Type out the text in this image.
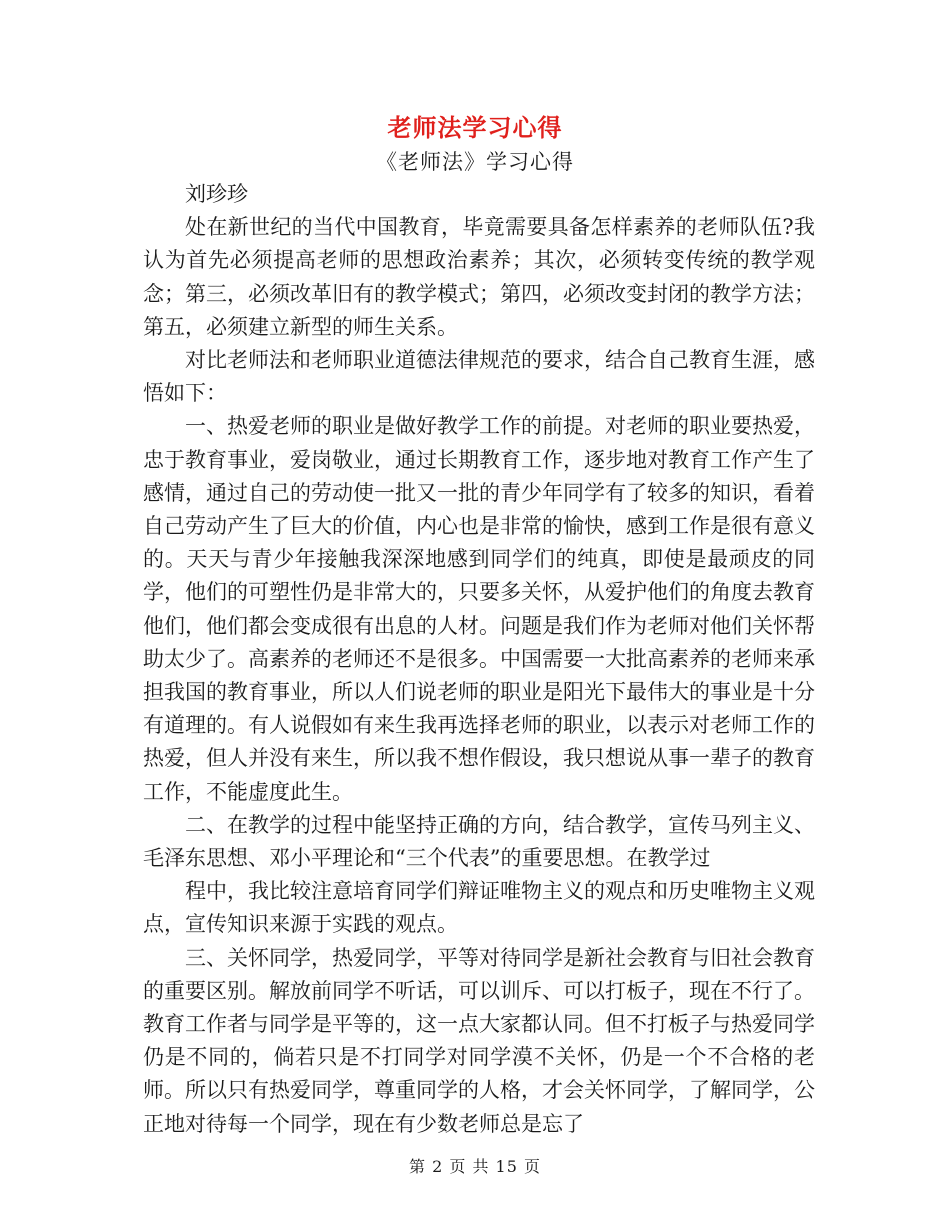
老师法学习心得
《老师法》学习心得

刘珍珍

处在新世纪的当代中国教育，毕竟需要具备怎样素养的老师队伍?我认为首先必须提高老师的思想政治素养；其次，必须转变传统的教学观念；第三，必须改革旧有的教学模式；第四，必须改变封闭的教学方法；第五，必须建立新型的师生关系。

对比老师法和老师职业道德法律规范的要求，结合自己教育生涯，感悟如下：

一、热爱老师的职业是做好教学工作的前提。对老师的职业要热爱，忠于教育事业，爱岗敬业，通过长期教育工作，逐步地对教育工作产生了感情，通过自己的劳动使一批又一批的青少年同学有了较多的知识，看着自己劳动产生了巨大的价值，内心也是非常的愉快，感到工作是很有意义的。天天与青少年接触我深深地感到同学们的纯真，即使是最顽皮的同学，他们的可塑性仍是非常大的，只要多关怀，从爱护他们的角度去教育他们，他们都会变成很有出息的人材。问题是我们作为老师对他们关怀帮助太少了。高素养的老师还不是很多。中国需要一大批高素养的老师来承担我国的教育事业，所以人们说老师的职业是阳光下最伟大的事业是十分有道理的。有人说假如有来生我再选择老师的职业，以表示对老师工作的热爱，但人并没有来生，所以我不想作假设，我只想说从事一辈子的教育工作，不能虚度此生。

二、在教学的过程中能坚持正确的方向，结合教学，宣传马列主义、毛泽东思想、邓小平理论和“三个代表”的重要思想。在教学过

程中，我比较注意培育同学们辩证唯物主义的观点和历史唯物主义观点，宣传知识来源于实践的观点。

三、关怀同学，热爱同学，平等对待同学是新社会教育与旧社会教育的重要区别。解放前同学不听话，可以训斥、可以打板子，现在不行了。教育工作者与同学是平等的，这一点大家都认同。但不打板子与热爱同学仍是不同的，倘若只是不打同学对同学漠不关怀，仍是一个不合格的老师。所以只有热爱同学，尊重同学的人格，才会关怀同学，了解同学，公正地对待每一个同学，现在有少数老师总是忘了

第 2 页 共 15 页
